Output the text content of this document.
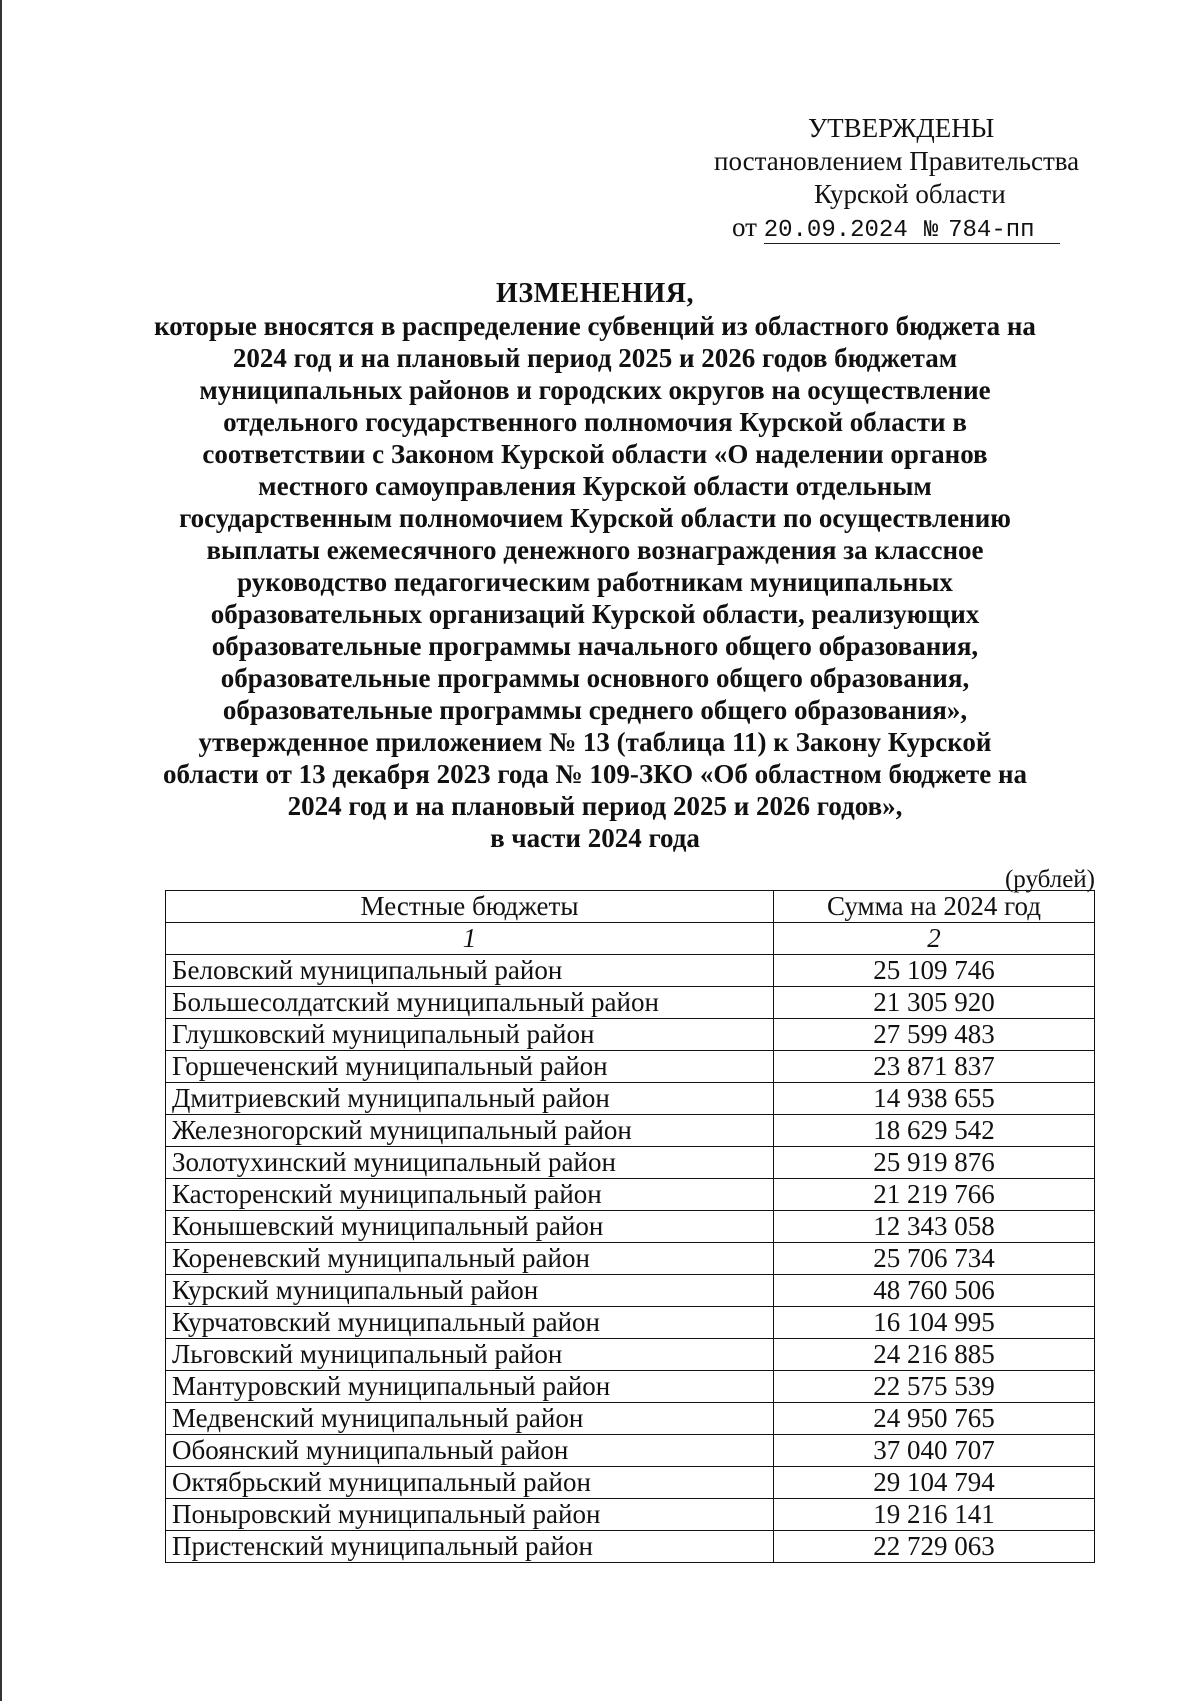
УТВЕРЖДЕНЫ
постановлением Правительства
Курской области
от 20.09.2024 № 784-пп
ИЗМЕНЕНИЯ,
которые вносятся в распределение субвенций из областного бюджета на
2024 год и на плановый период 2025 и 2026 годов бюджетам
муниципальных районов и городских округов на осуществление
отдельного государственного полномочия Курской области в
соответствии с Законом Курской области «О наделении органов
местного самоуправления Курской области отдельным
государственным полномочием Курской области по осуществлению
выплаты ежемесячного денежного вознаграждения за классное
руководство педагогическим работникам муниципальных
образовательных организаций Курской области, реализующих
образовательные программы начального общего образования,
образовательные программы основного общего образования,
образовательные программы среднего общего образования»,
утвержденное приложением № 13 (таблица 11) к Закону Курской
области от 13 декабря 2023 года № 109-ЗКО «Об областном бюджете на
2024 год и на плановый период 2025 и 2026 годов»,
в части 2024 года
(рублей)
Местные бюджеты	Сумма на 2024 год
1	2
Беловский муниципальный район	25 109 746
Большесолдатский муниципальный район	21 305 920
Глушковский муниципальный район	27 599 483
Горшеченский муниципальный район	23 871 837
Дмитриевский муниципальный район	14 938 655
Железногорский муниципальный район	18 629 542
Золотухинский муниципальный район	25 919 876
Касторенский муниципальный район	21 219 766
Конышевский муниципальный район	12 343 058
Кореневский муниципальный район	25 706 734
Курский муниципальный район	48 760 506
Курчатовский муниципальный район	16 104 995
Льговский муниципальный район	24 216 885
Мантуровский муниципальный район	22 575 539
Медвенский муниципальный район	24 950 765
Обоянский муниципальный район	37 040 707
Октябрьский муниципальный район	29 104 794
Поныровский муниципальный район	19 216 141
Пристенский муниципальный район	22 729 063
